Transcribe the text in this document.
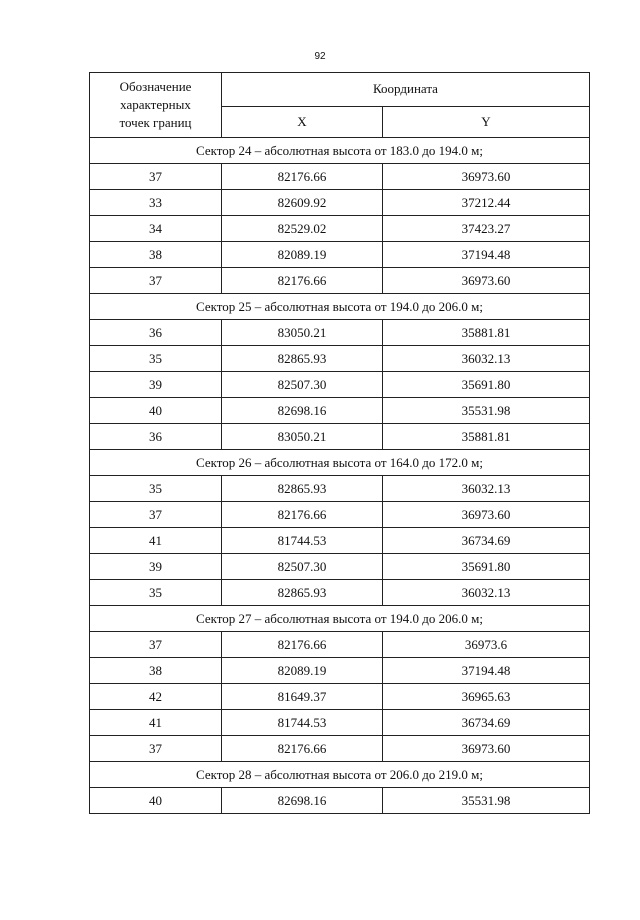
92
Обозначение
характерных
точек границ	Координата	
	X	Y
Сектор 24 – абсолютная высота от 183.0 до 194.0 м;		
37	82176.66	36973.60
33	82609.92	37212.44
34	82529.02	37423.27
38	82089.19	37194.48
37	82176.66	36973.60
Сектор 25 – абсолютная высота от 194.0 до 206.0 м;		
36	83050.21	35881.81
35	82865.93	36032.13
39	82507.30	35691.80
40	82698.16	35531.98
36	83050.21	35881.81
Сектор 26 – абсолютная высота от 164.0 до 172.0 м;		
35	82865.93	36032.13
37	82176.66	36973.60
41	81744.53	36734.69
39	82507.30	35691.80
35	82865.93	36032.13
Сектор 27 – абсолютная высота от 194.0 до 206.0 м;		
37	82176.66	36973.6
38	82089.19	37194.48
42	81649.37	36965.63
41	81744.53	36734.69
37	82176.66	36973.60
Сектор 28 – абсолютная высота от 206.0 до 219.0 м;		
40	82698.16	35531.98
